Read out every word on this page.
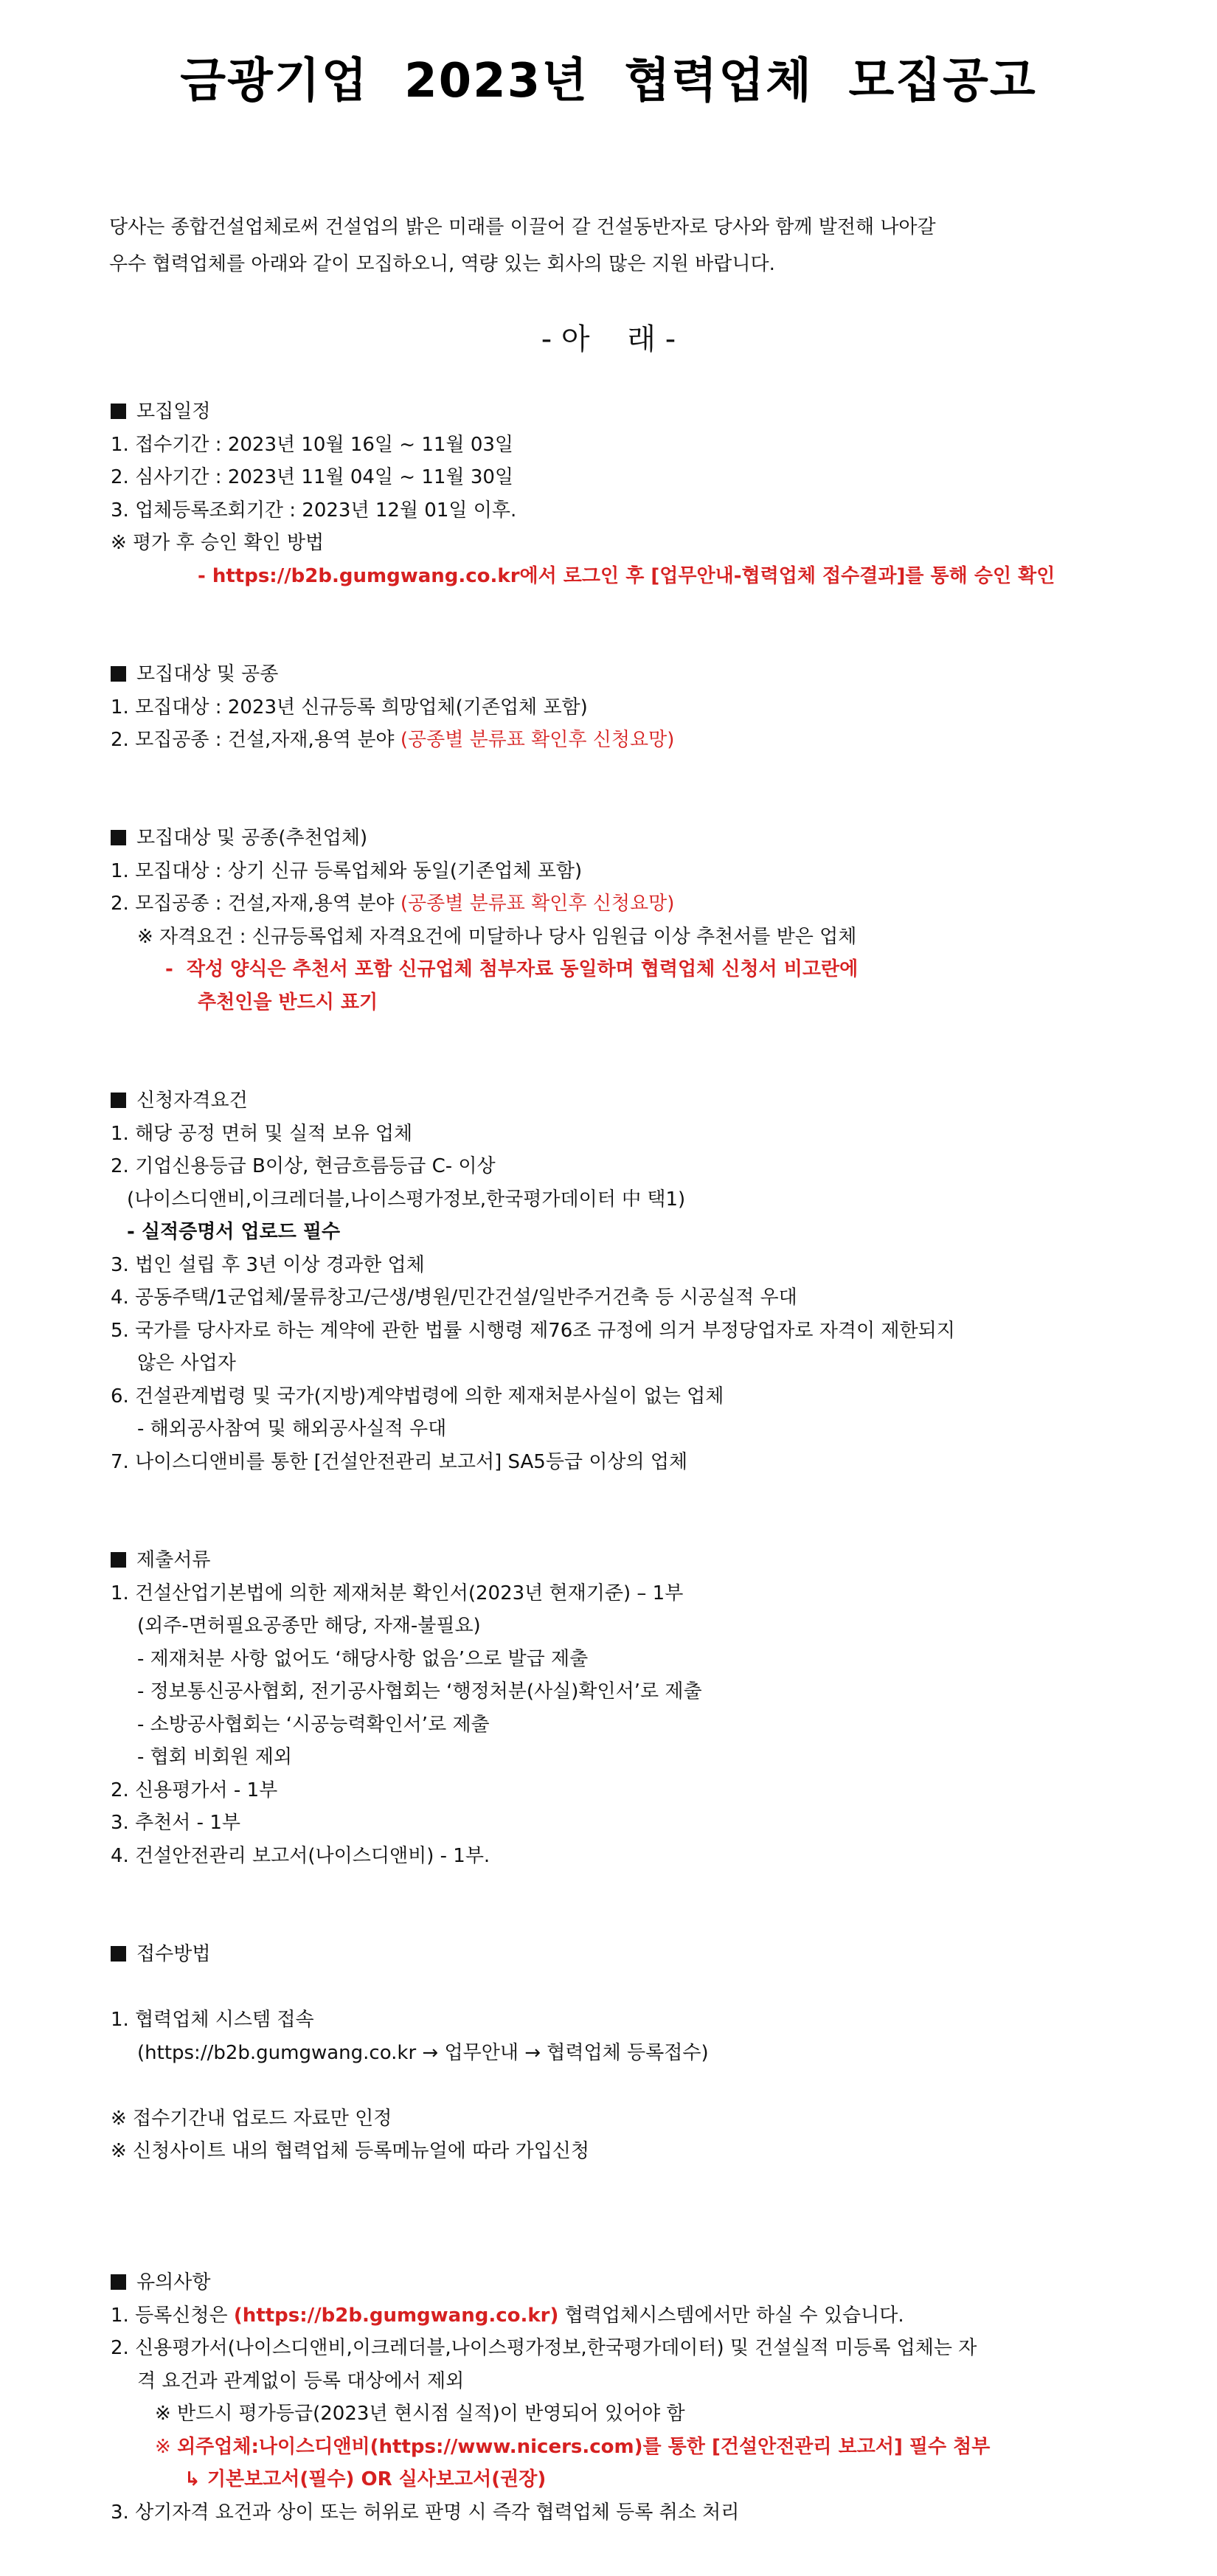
금광기업  2023년  협력업체  모집공고
당사는 종합건설업체로써 건설업의 밝은 미래를 이끌어 갈 건설동반자로 당사와 함께 발전해 나아갈
우수 협력업체를 아래와 같이 모집하오니, 역량 있는 회사의 많은 지원 바랍니다.
- 아    래 -
모집일정
1. 접수기간 : 2023년 10월 16일 ~ 11월 03일
2. 심사기간 : 2023년 11월 04일 ~ 11월 30일
3. 업체등록조회기간 : 2023년 12월 01일 이후.
※ 평가 후 승인 확인 방법
- https://b2b.gumgwang.co.kr에서 로그인 후 [업무안내-협력업체 접수결과]를 통해 승인 확인
모집대상 및 공종
1. 모집대상 : 2023년 신규등록 희망업체(기존업체 포함)
2. 모집공종 : 건설,자재,용역 분야 (공종별 분류표 확인후 신청요망)
모집대상 및 공종(추천업체)
1. 모집대상 : 상기 신규 등록업체와 동일(기존업체 포함)
2. 모집공종 : 건설,자재,용역 분야 (공종별 분류표 확인후 신청요망)
※ 자격요건 : 신규등록업체 자격요건에 미달하나 당사 임원급 이상 추천서를 받은 업체
-  작성 양식은 추천서 포함 신규업체 첨부자료 동일하며 협력업체 신청서 비고란에
추천인을 반드시 표기
신청자격요건
1. 해당 공정 면허 및 실적 보유 업체
2. 기업신용등급 B이상, 현금흐름등급 C- 이상
(나이스디앤비,이크레더블,나이스평가정보,한국평가데이터 中 택1)
- 실적증명서 업로드 필수
3. 법인 설립 후 3년 이상 경과한 업체
4. 공동주택/1군업체/물류창고/근생/병원/민간건설/일반주거건축 등 시공실적 우대
5. 국가를 당사자로 하는 계약에 관한 법률 시행령 제76조 규정에 의거 부정당업자로 자격이 제한되지
않은 사업자
6. 건설관계법령 및 국가(지방)계약법령에 의한 제재처분사실이 없는 업체
- 해외공사참여 및 해외공사실적 우대
7. 나이스디앤비를 통한 [건설안전관리 보고서] SA5등급 이상의 업체
제출서류
1. 건설산업기본법에 의한 제재처분 확인서(2023년 현재기준) – 1부
(외주-면허필요공종만 해당, 자재-불필요)
- 제재처분 사항 없어도 ‘해당사항 없음’으로 발급 제출
- 정보통신공사협회, 전기공사협회는 ‘행정처분(사실)확인서’로 제출
- 소방공사협회는 ‘시공능력확인서’로 제출
- 협회 비회원 제외
2. 신용평가서 - 1부
3. 추천서 - 1부
4. 건설안전관리 보고서(나이스디앤비) - 1부.
접수방법
1. 협력업체 시스템 접속
(https://b2b.gumgwang.co.kr → 업무안내 → 협력업체 등록접수)
※ 접수기간내 업로드 자료만 인정
※ 신청사이트 내의 협력업체 등록메뉴얼에 따라 가입신청
유의사항
1. 등록신청은 (https://b2b.gumgwang.co.kr) 협력업체시스템에서만 하실 수 있습니다.
2. 신용평가서(나이스디앤비,이크레더블,나이스평가정보,한국평가데이터) 및 건설실적 미등록 업체는 자
격 요건과 관계없이 등록 대상에서 제외
※ 반드시 평가등급(2023년 현시점 실적)이 반영되어 있어야 함
※ 외주업체:나이스디앤비(https://www.nicers.com)를 통한 [건설안전관리 보고서] 필수 첨부
↳ 기본보고서(필수) OR 실사보고서(권장)
3. 상기자격 요건과 상이 또는 허위로 판명 시 즉각 협력업체 등록 취소 처리
